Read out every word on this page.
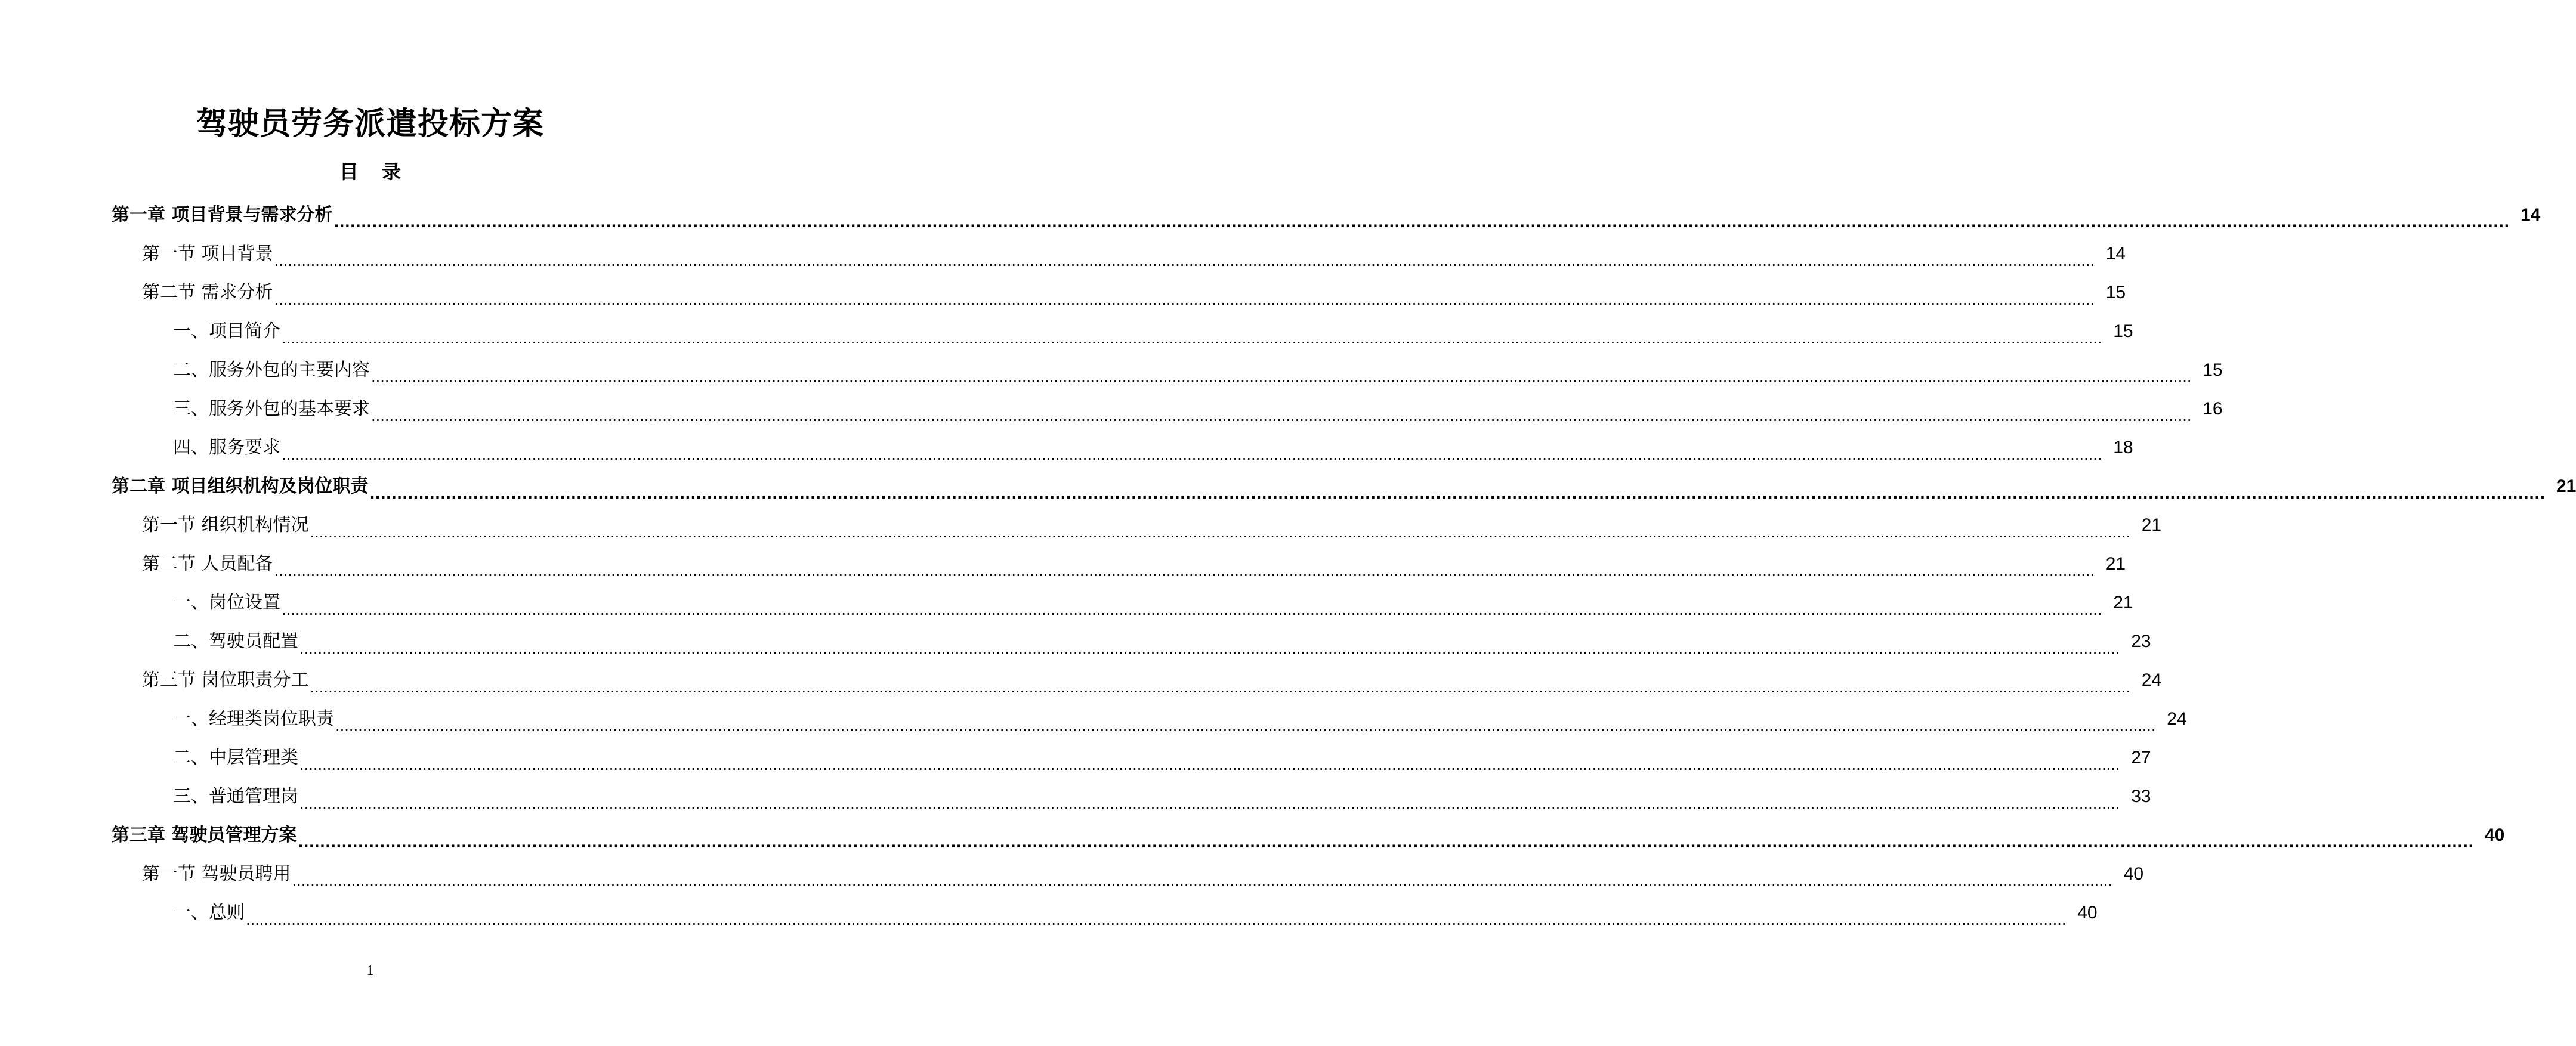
驾驶员劳务派遣投标方案
目 录
第一章 项目背景与需求分析 ................................................................................................................................................................................................................................................................................................................................................................................................................ 14
第一节 项目背景 ................................................................................................................................................................................................................................................................................................................................................................................................................ 14
第二节 需求分析 ................................................................................................................................................................................................................................................................................................................................................................................................................ 15
一、项目简介 ................................................................................................................................................................................................................................................................................................................................................................................................................ 15
二、服务外包的主要内容 ................................................................................................................................................................................................................................................................................................................................................................................................................ 15
三、服务外包的基本要求 ................................................................................................................................................................................................................................................................................................................................................................................................................ 16
四、服务要求 ................................................................................................................................................................................................................................................................................................................................................................................................................ 18
第二章 项目组织机构及岗位职责 ................................................................................................................................................................................................................................................................................................................................................................................................................ 21
第一节 组织机构情况 ................................................................................................................................................................................................................................................................................................................................................................................................................ 21
第二节 人员配备 ................................................................................................................................................................................................................................................................................................................................................................................................................ 21
一、岗位设置 ................................................................................................................................................................................................................................................................................................................................................................................................................ 21
二、驾驶员配置 ................................................................................................................................................................................................................................................................................................................................................................................................................ 23
第三节 岗位职责分工 ................................................................................................................................................................................................................................................................................................................................................................................................................ 24
一、经理类岗位职责 ................................................................................................................................................................................................................................................................................................................................................................................................................ 24
二、中层管理类 ................................................................................................................................................................................................................................................................................................................................................................................................................ 27
三、普通管理岗 ................................................................................................................................................................................................................................................................................................................................................................................................................ 33
第三章 驾驶员管理方案 ................................................................................................................................................................................................................................................................................................................................................................................................................ 40
第一节 驾驶员聘用 ................................................................................................................................................................................................................................................................................................................................................................................................................ 40
一、总则 ................................................................................................................................................................................................................................................................................................................................................................................................................ 40
1
